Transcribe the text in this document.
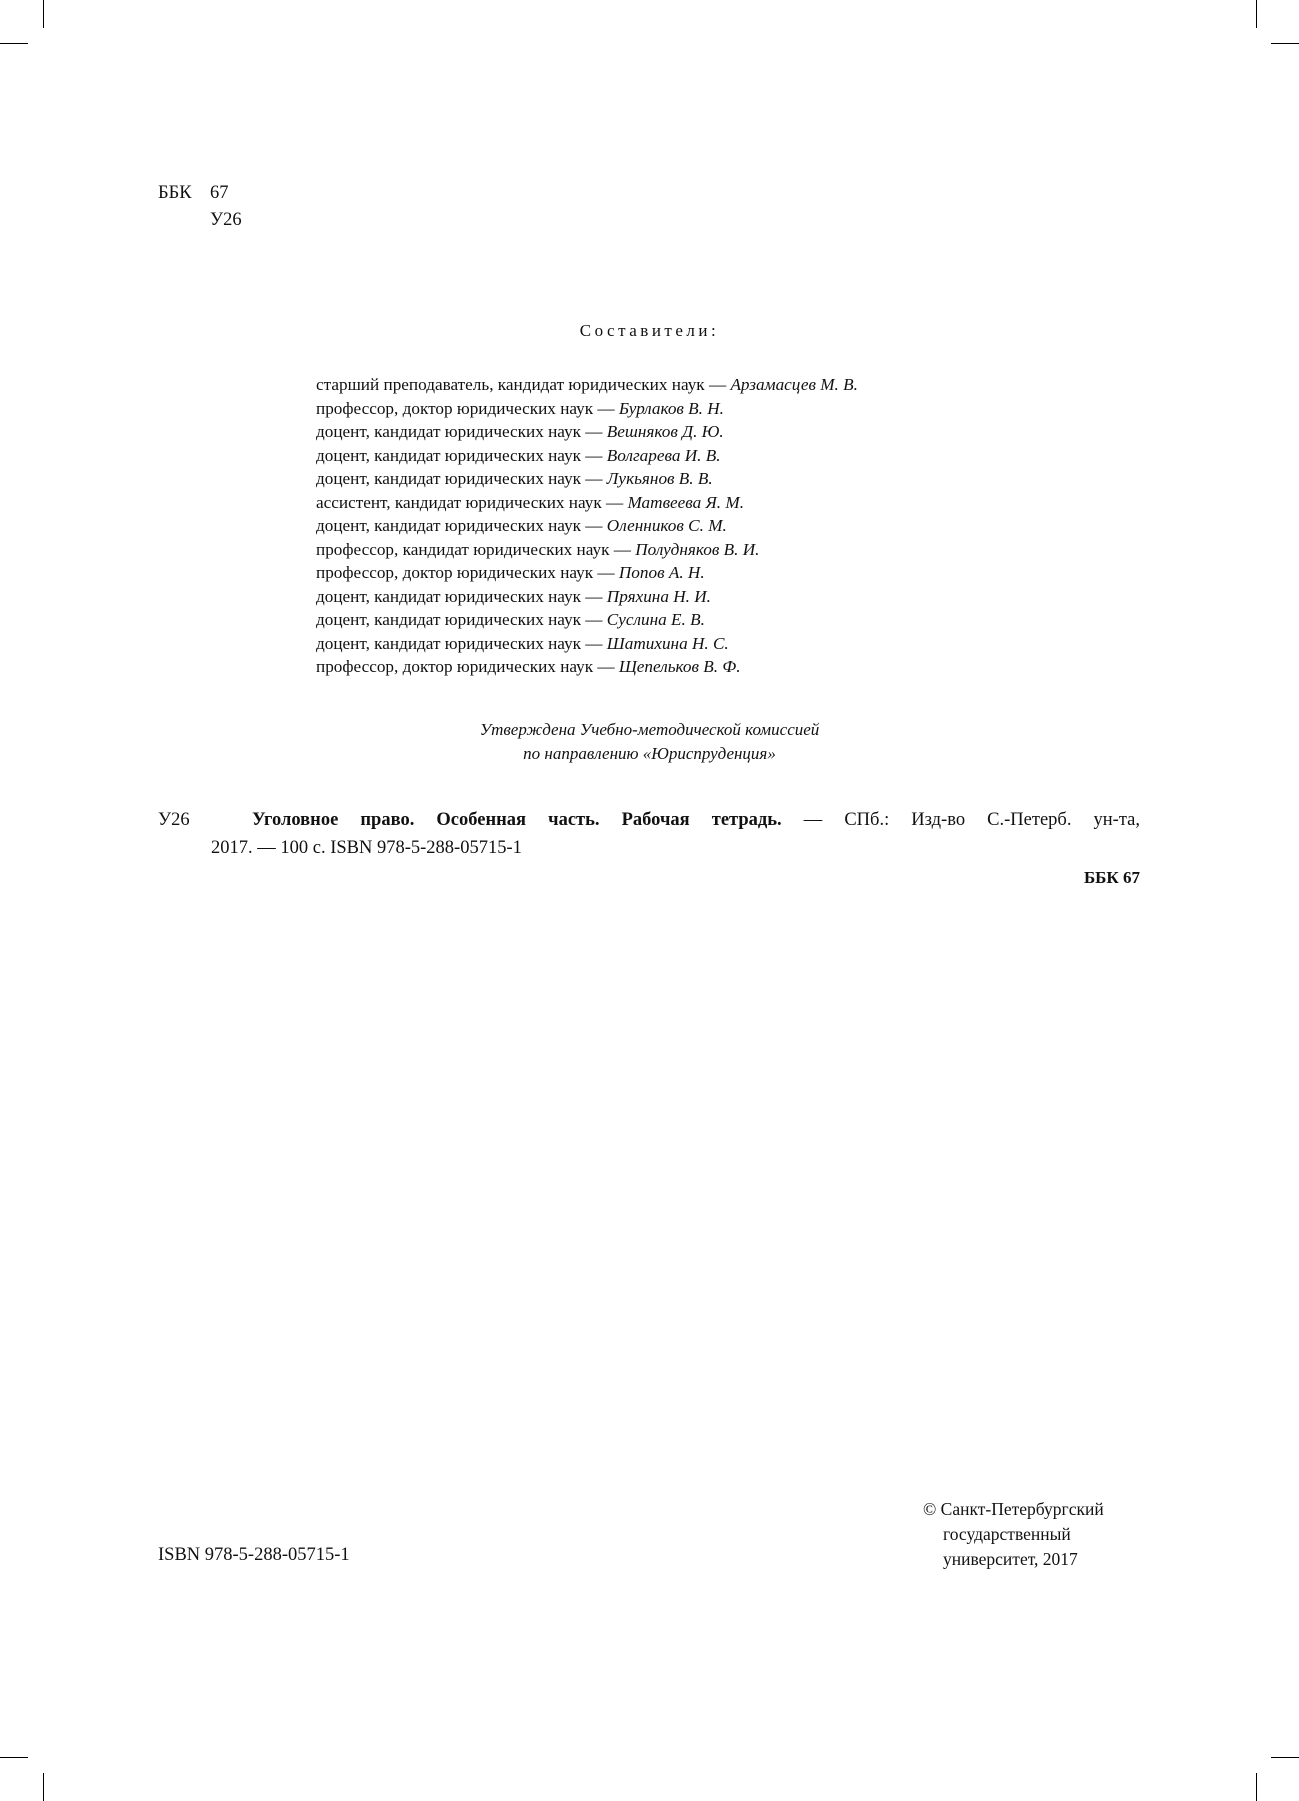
ББК 67
У26
Составители:
старший преподаватель, кандидат юридических наук — Арзамасцев М. В.
профессор, доктор юридических наук — Бурлаков В. Н.
доцент, кандидат юридических наук — Вешняков Д. Ю.
доцент, кандидат юридических наук — Волгарева И. В.
доцент, кандидат юридических наук — Лукьянов В. В.
ассистент, кандидат юридических наук — Матвеева Я. М.
доцент, кандидат юридических наук — Оленников С. М.
профессор, кандидат юридических наук — Полудняков В. И.
профессор, доктор юридических наук — Попов А. Н.
доцент, кандидат юридических наук — Пряхина Н. И.
доцент, кандидат юридических наук — Суслина Е. В.
доцент, кандидат юридических наук — Шатихина Н. С.
профессор, доктор юридических наук — Щепельков В. Ф.
Утверждена Учебно-методической комиссией
по направлению «Юриспруденция»
У26	Уголовное право. Особенная часть. Рабочая тетрадь. — СПб.: Изд-во С.-Петерб. ун-та,
2017. — 100 с. ISBN 978-5-288-05715-1
ББК 67
ISBN 978-5-288-05715-1
© Санкт-Петербургский
государственный
университет, 2017
